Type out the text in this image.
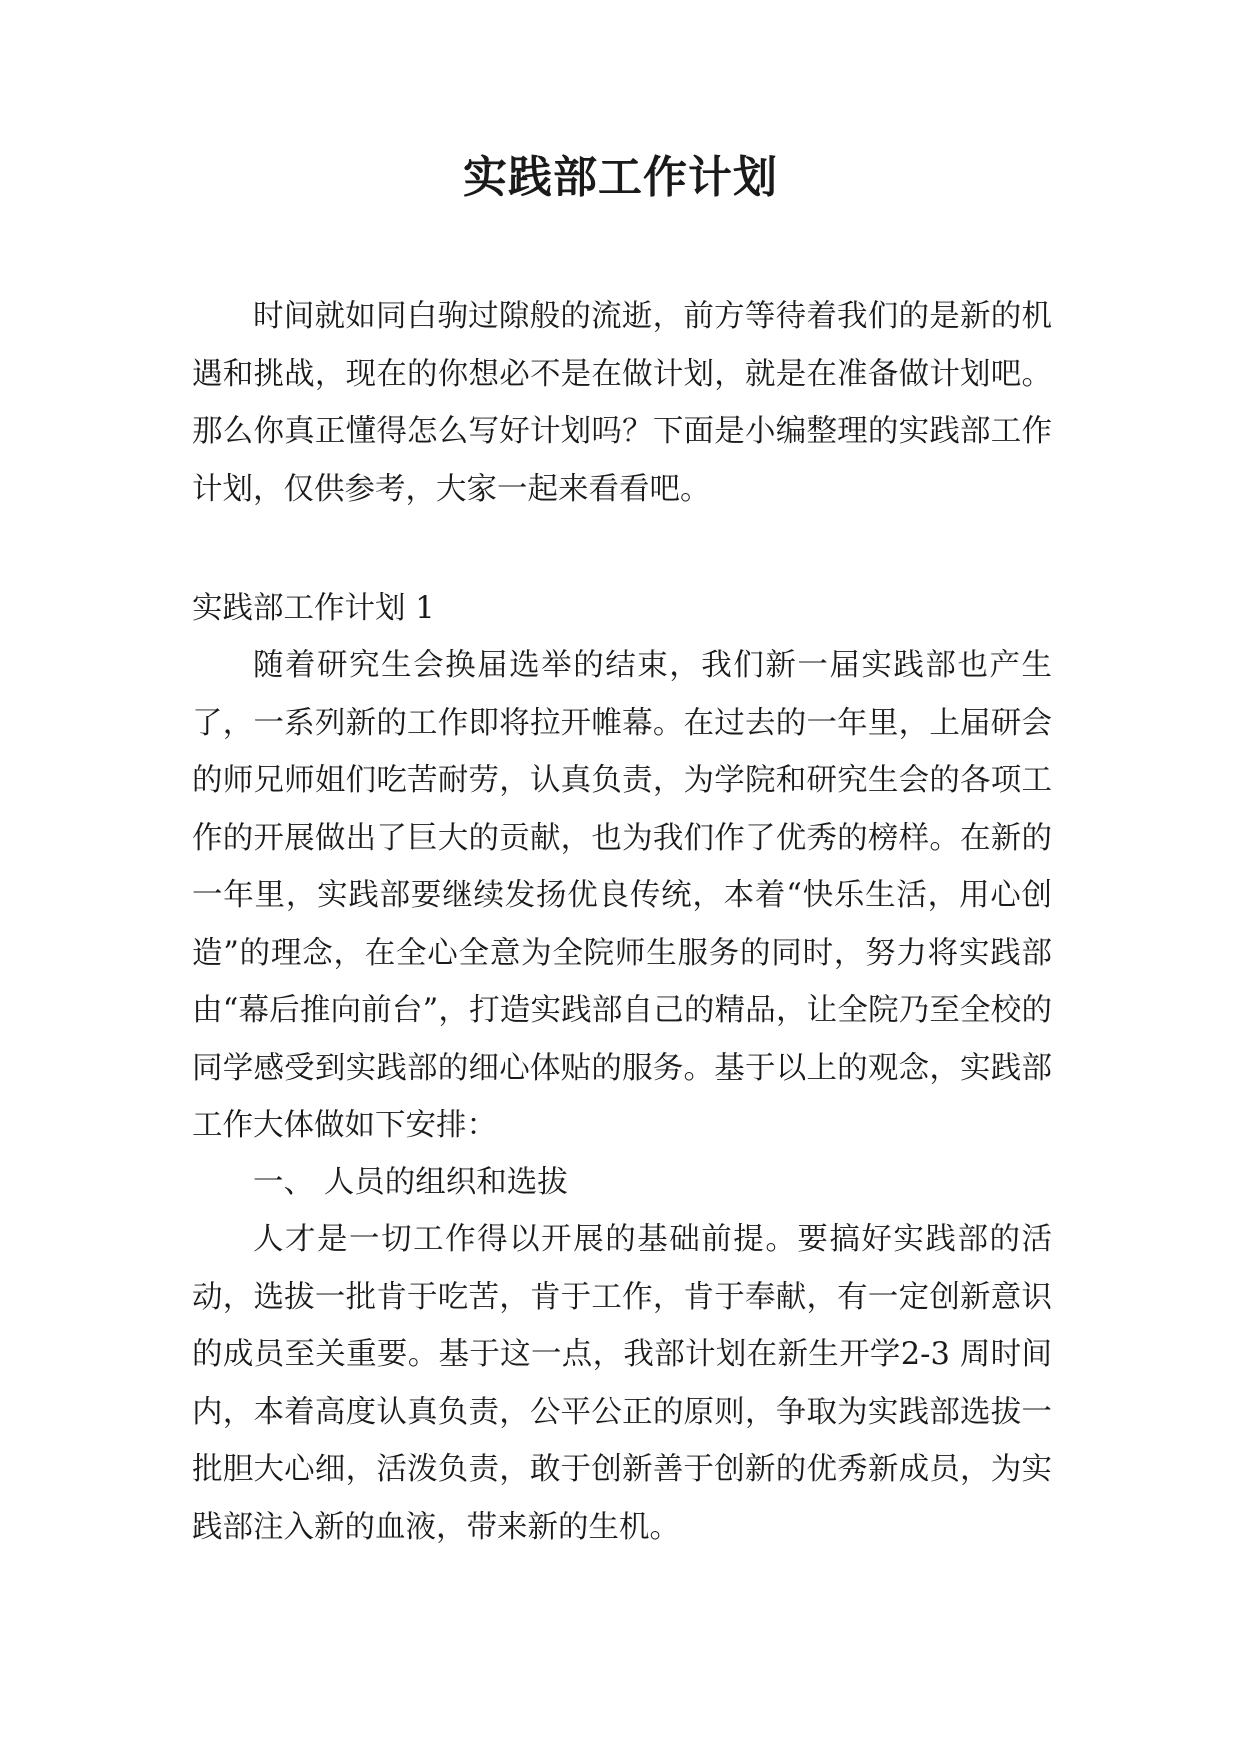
实践部工作计划

时间就如同白驹过隙般的流逝，前方等待着我们的是新的机遇和挑战，现在的你想必不是在做计划，就是在准备做计划吧。那么你真正懂得怎么写好计划吗？下面是小编整理的实践部工作计划，仅供参考，大家一起来看看吧。

实践部工作计划 1

随着研究生会换届选举的结束，我们新一届实践部也产生了，一系列新的工作即将拉开帷幕。在过去的一年里，上届研会的师兄师姐们吃苦耐劳，认真负责，为学院和研究生会的各项工作的开展做出了巨大的贡献，也为我们作了优秀的榜样。在新的一年里，实践部要继续发扬优良传统，本着“快乐生活，用心创造”的理念，在全心全意为全院师生服务的同时，努力将实践部由“幕后推向前台”，打造实践部自己的精品，让全院乃至全校的同学感受到实践部的细心体贴的服务。基于以上的观念，实践部工作大体做如下安排：

一、 人员的组织和选拔

人才是一切工作得以开展的基础前提。要搞好实践部的活动，选拔一批肯于吃苦，肯于工作，肯于奉献，有一定创新意识的成员至关重要。基于这一点，我部计划在新生开学2-3 周时间内，本着高度认真负责，公平公正的原则，争取为实践部选拔一批胆大心细，活泼负责，敢于创新善于创新的优秀新成员，为实践部注入新的血液，带来新的生机。
